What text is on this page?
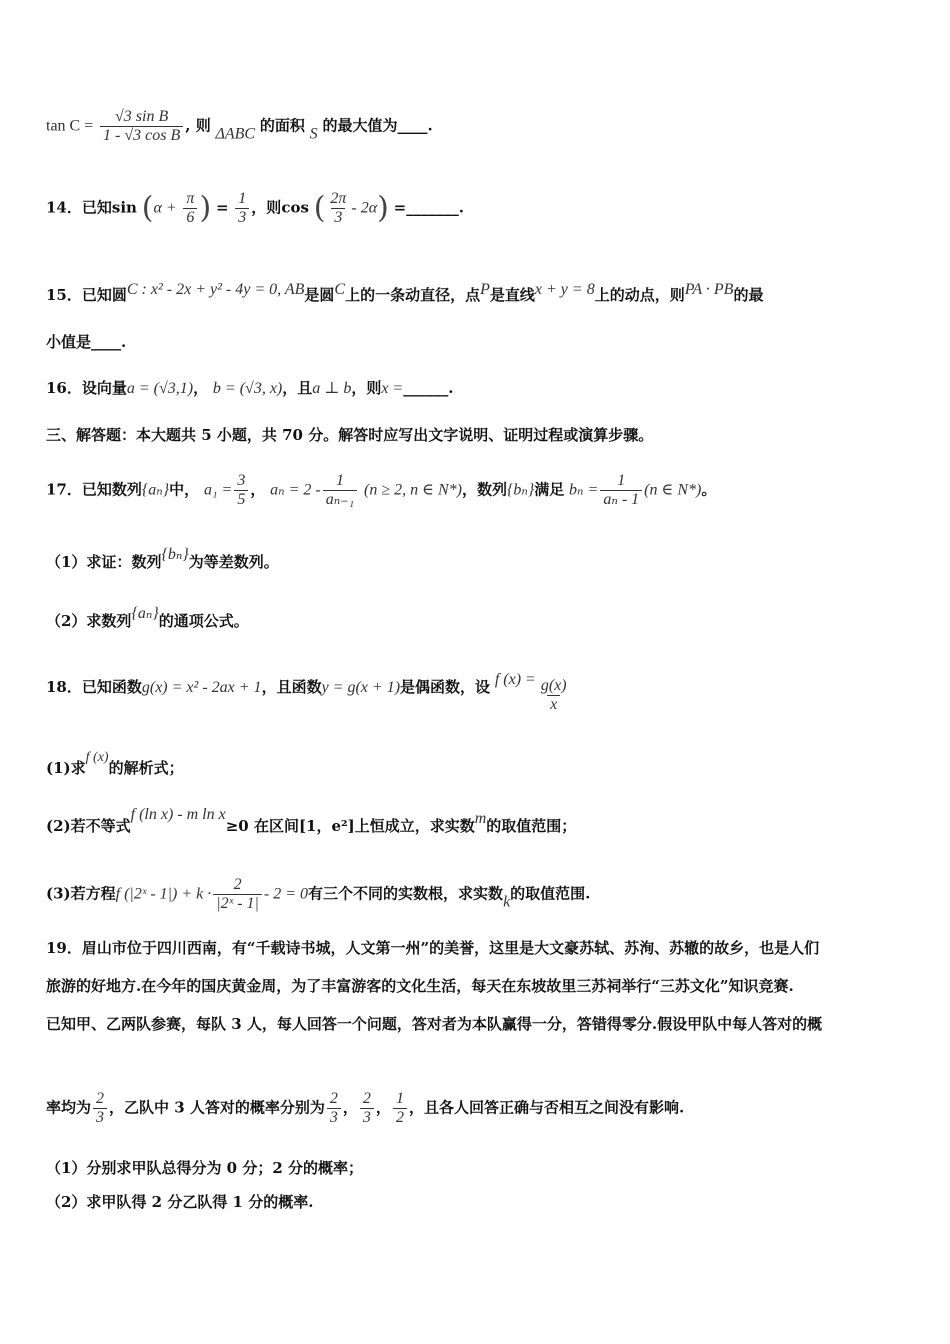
$\tan C = \frac{\text{√3 sin B}}{\text{1 - √3 cos B}}$ , 则 ΔABC 的面积 S 的最大值为____.
14．已知$\sin (\alpha + \frac{\pi}{6}$ ) = $\frac{1}{3}$ ，则cos ( $\frac{2\pi}{3} - 2\alpha$) =_______.
15．已知圆C : x² - 2x + y² - 4y = 0, AB是圆C上的一条动直径，点P是直线x + y = 8上的动点，则PA · PB的最
小值是____.
16．设向量a = (√3,1)， b = (√3, x)，且a ⊥ b，则x =______.
三、解答题：本大题共 5 小题，共 70 分。解答时应写出文字说明、证明过程或演算步骤。
17．已知数列{aₙ}中， $a_1 = \frac{3}{5}$ ， $a_n = 2 - \frac{1}{\text{aₙ₋₁}} (n \ge 2$, n ∈ N*)，数列{bₙ}满足 $b_n = \frac{1}{\text{aₙ - 1}} (n$ ∈ N*)。
（1）求证：数列{bₙ}为等差数列。
（2）求数列{aₙ}的通项公式。
18．已知函数g(x) = x² - 2ax + 1，且函数y = g(x + 1)是偶函数，设 f $(x) = \frac{g(x)}{x}$
(1)求f (x)的解析式；
(2)若不等式f (ln x) - m ln x≥0 在区间[1，e²]上恒成立，求实数m的取值范围；
(3)若方程f (|2ˣ - $1|) + k \cdot \frac{2}{\text{|2ˣ - 1|}} - 2 = 0$有三个不同的实数根，求实数k的取值范围.
19．眉山市位于四川西南，有“千载诗书城，人文第一州”的美誉，这里是大文豪苏轼、苏洵、苏辙的故乡，也是人们
旅游的好地方.在今年的国庆黄金周，为了丰富游客的文化生活，每天在东坡故里三苏祠举行“三苏文化”知识竞赛.
已知甲、乙两队参赛，每队 3 人，每人回答一个问题，答对者为本队赢得一分，答错得零分.假设甲队中每人答对的概
率均为 $\frac{2}{3}$ ，乙队中 3 人答对的概率分别为 $\frac{2}{3}$ ， $\frac{2}{3}$ ， $\frac{1}{2}$ ，且各人回答正确与否相互之间没有影响.
（1）分别求甲队总得分为 0 分；2 分的概率；
（2）求甲队得 2 分乙队得 1 分的概率.
